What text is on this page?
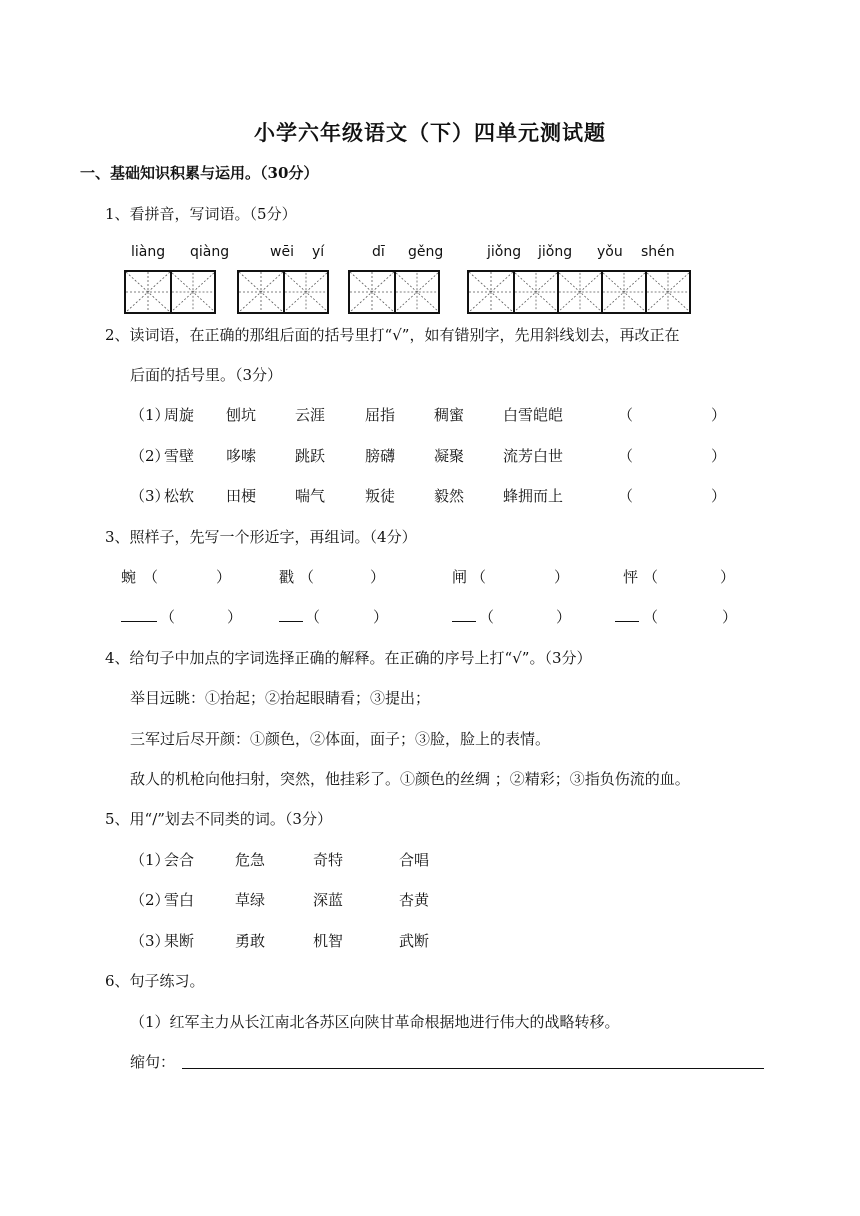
小学六年级语文（下）四单元测试题
一、基础知识积累与运用。（30分）
1、看拼音，写词语。（5分）
liàng qiàng	wēi yí	dī gěng	jiǒng jiǒng yǒu shén
2、读词语，在正确的那组后面的括号里打“√”，如有错别字，先用斜线划去，再改正在
后面的括号里。（3分）
（1）
周旋 刨坑	云涯	屈指	稠蜜	白雪皑皑	（	）
（2）
雪壁 哆嗦	跳跃	膀礴	凝聚	流芳白世	（	）
（3）
松软 田梗	喘气	叛徒	毅然	蜂拥而上	（	）
3、照样子，先写一个形近字，再组词。（4分）
蜿 （	）	戳 （	）	闸 （	）	怦 （	）
（	）	（	）	（	）	（	）
4、给句子中加点的字词选择正确的解释。在正确的序号上打“√”。（3分）
举目远眺：①抬起；②抬起眼睛看；③提出；
三军过后尽开颜：①颜色，②体面，面子；③脸，脸上的表情。
敌人的机枪向他扫射，突然，他挂彩了。①颜色的丝绸 ；②精彩；③指负伤流的血。
5、用“/”划去不同类的词。（3分）
（1）
会合	危急	奇特	合唱
（2）
雪白	草绿	深蓝	杏黄
（3）
果断	勇敢	机智	武断
6、句子练习。
（1）红军主力从长江南北各苏区向陕甘革命根据地进行伟大的战略转移。
缩句：
